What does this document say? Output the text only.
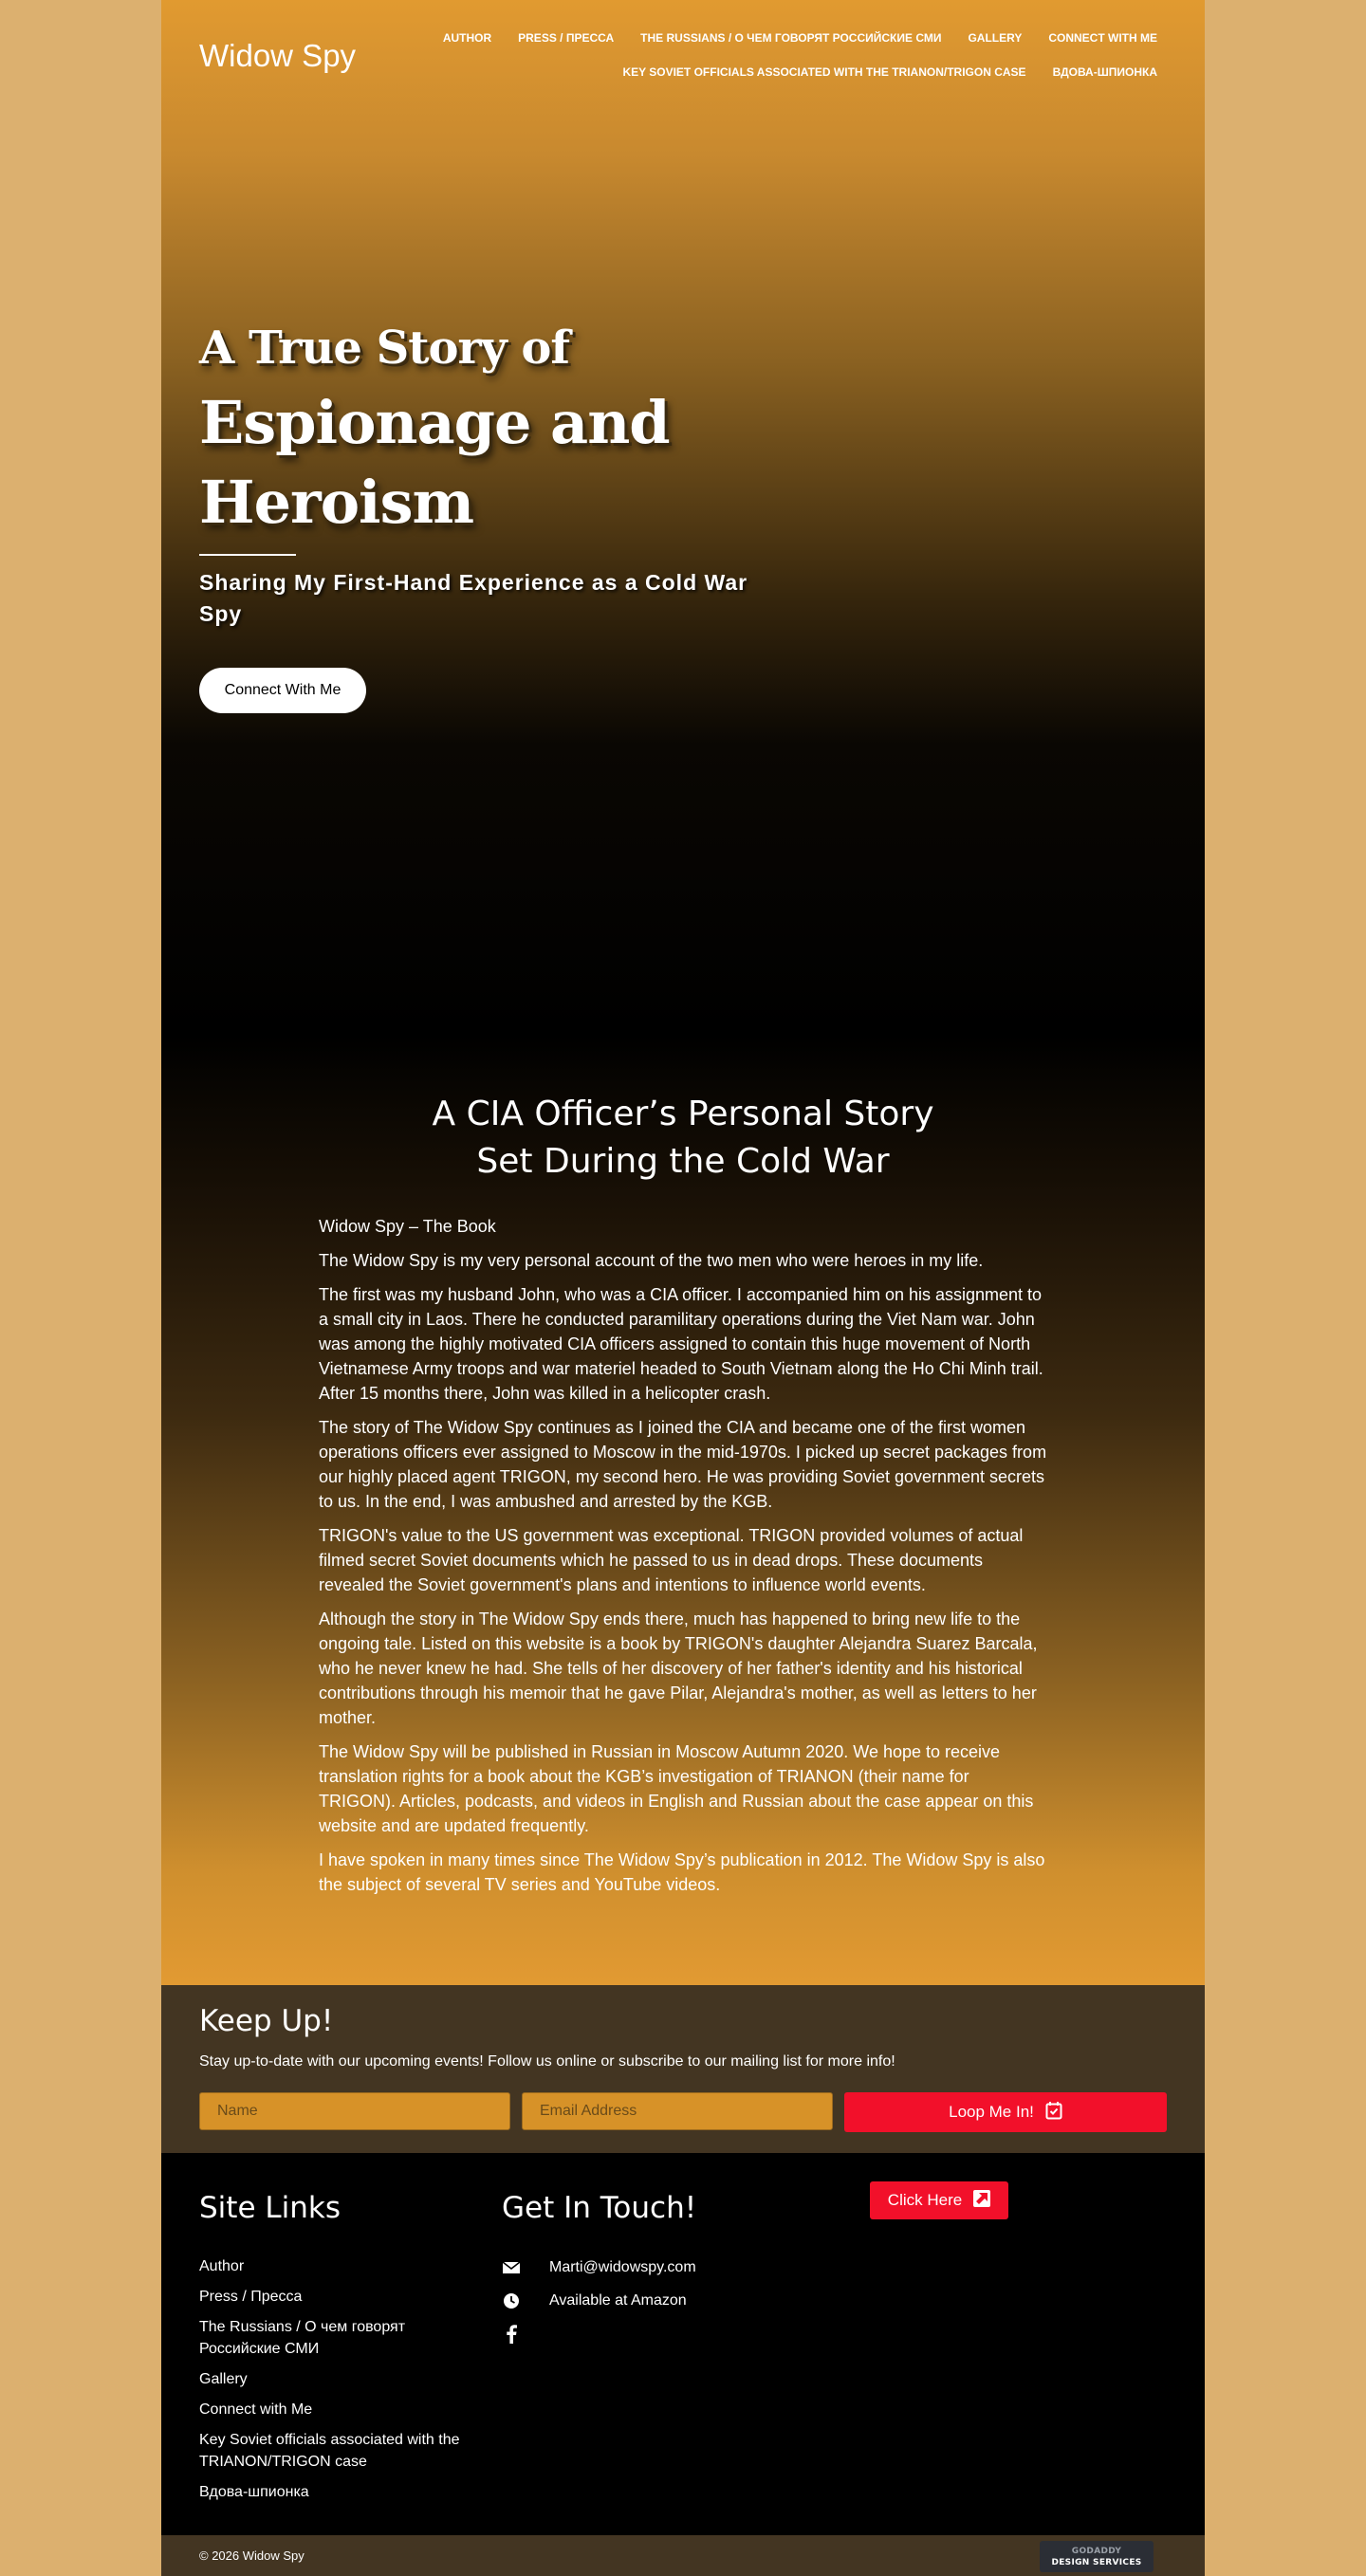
Widow Spy	AUTHOR PRESS / ПРЕССА THE RUSSIANS / О ЧЕМ ГОВОРЯТ РОССИЙСКИЕ СМИ GALLERY CONNECT WITH ME
KEY SOVIET OFFICIALS ASSOCIATED WITH THE TRIANON/TRIGON CASE ВДОВА-ШПИОНКА
A True Story of
Espionage and
Heroism

Sharing My First-Hand Experience as a Cold War Spy

Connect With Me
A CIA Officer’s Personal Story
Set During the Cold War

Widow Spy – The Book

The Widow Spy is my very personal account of the two men who were heroes in my life.

The first was my husband John, who was a CIA officer. I accompanied him on his assignment to a small city in Laos. There he conducted paramilitary operations during the Viet Nam war. John was among the highly motivated CIA officers assigned to contain this huge movement of North Vietnamese Army troops and war materiel headed to South Vietnam along the Ho Chi Minh trail. After 15 months there, John was killed in a helicopter crash.

The story of The Widow Spy continues as I joined the CIA and became one of the first women operations officers ever assigned to Moscow in the mid-1970s. I picked up secret packages from our highly placed agent TRIGON, my second hero. He was providing Soviet government secrets to us. In the end, I was ambushed and arrested by the KGB.

TRIGON's value to the US government was exceptional. TRIGON provided volumes of actual filmed secret Soviet documents which he passed to us in dead drops. These documents revealed the Soviet government's plans and intentions to influence world events.

Although the story in The Widow Spy ends there, much has happened to bring new life to the ongoing tale. Listed on this website is a book by TRIGON's daughter Alejandra Suarez Barcala, who he never knew he had. She tells of her discovery of her father's identity and his historical contributions through his memoir that he gave Pilar, Alejandra's mother, as well as letters to her mother.

The Widow Spy will be published in Russian in Moscow Autumn 2020. We hope to receive translation rights for a book about the KGB’s investigation of TRIANON (their name for TRIGON). Articles, podcasts, and videos in English and Russian about the case appear on this website and are updated frequently.

I have spoken in many times since The Widow Spy’s publication in 2012. The Widow Spy is also the subject of several TV series and YouTube videos.

Keep Up!

Stay up-to-date with our upcoming events! Follow us online or subscribe to our mailing list for more info!

Name
Email Address
Loop Me In!
Site Links
Author
Press / Пресса
The Russians / О чем говорят Российские СМИ
Gallery
Connect with Me
Key Soviet officials associated with the TRIANON/TRIGON case
Вдова-шпионка
Get In Touch!
Marti@widowspy.com
Available at Amazon
Click Here
© 2026 Widow Spy	GODADDY
DESIGN SERVICES
